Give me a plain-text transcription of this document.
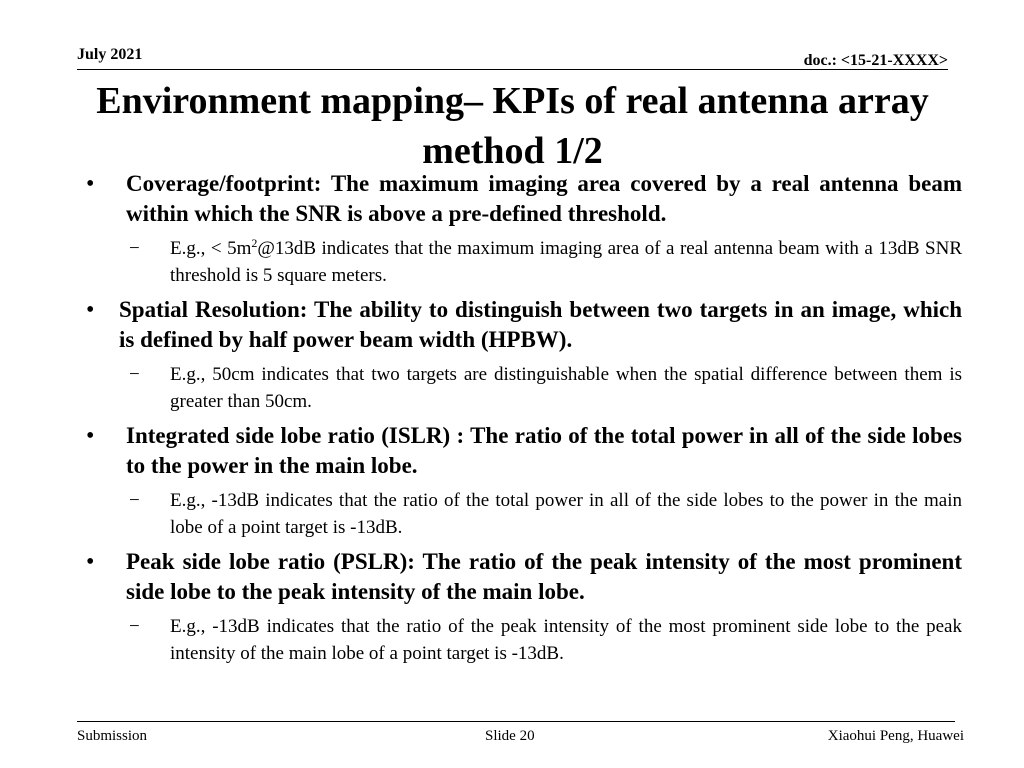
July 2021	doc.: <15-21-XXXX>
Environment mapping– KPIs of real antenna array method 1/2
•	Coverage/footprint: The maximum imaging area covered by a real antenna beam within which the SNR is above a pre-defined threshold.
−	E.g., < $5m^2@13dB$ indicates that the maximum imaging area of a real antenna beam with a 13dB SNR threshold is 5 square meters.
•	Spatial Resolution: The ability to distinguish between two targets in an image, which is defined by half power beam width (HPBW).
−	E.g., 50cm indicates that two targets are distinguishable when the spatial difference between them is greater than 50cm.
•	Integrated side lobe ratio (ISLR) : The ratio of the total power in all of the side lobes to the power in the main lobe.
−	E.g., -13dB indicates that the ratio of the total power in all of the side lobes to the power in the main lobe of a point target is -13dB.
•	Peak side lobe ratio (PSLR): The ratio of the peak intensity of the most prominent side lobe to the peak intensity of the main lobe.
−	E.g., -13dB indicates that the ratio of the peak intensity of the most prominent side lobe to the peak intensity of the main lobe of a point target is -13dB.
Submission	Slide 20	Xiaohui Peng, Huawei
